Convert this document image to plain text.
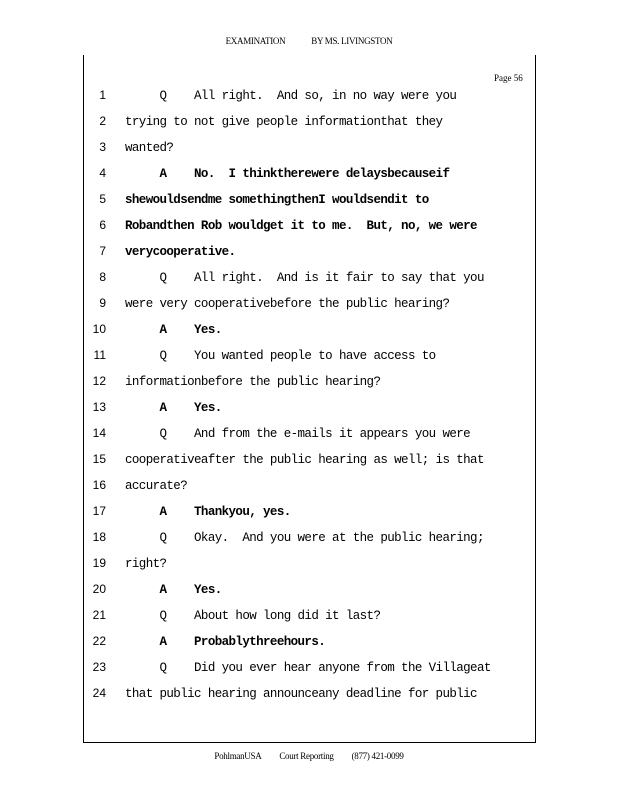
EXAMINATION	BY MS. LIVINGSTON
Page 56
1 Q    All right.  And so, in no way were you
2 trying to not give people informationthat they
3 wanted?
4 A    No.  I thinktherewere delaysbecauseif
5 shewouldsendme somethingthenI wouldsendit to
6 Robandthen Rob wouldget it to me.  But, no, we were
7 verycooperative.
8 Q    All right.  And is it fair to say that you
9 were very cooperativebefore the public hearing?
10 A    Yes.
11 Q    You wanted people to have access to
12 informationbefore the public hearing?
13 A    Yes.
14 Q    And from the e-mails it appears you were
15 cooperativeafter the public hearing as well; is that
16 accurate?
17 A    Thankyou, yes.
18 Q    Okay.  And you were at the public hearing;
19 right?
20 A    Yes.
21 Q    About how long did it last?
22 A    Probablythreehours.
23 Q    Did you ever hear anyone from the Villageat
24 that public hearing announceany deadline for public
PohlmanUSA Court Reporting (877) 421-0099
